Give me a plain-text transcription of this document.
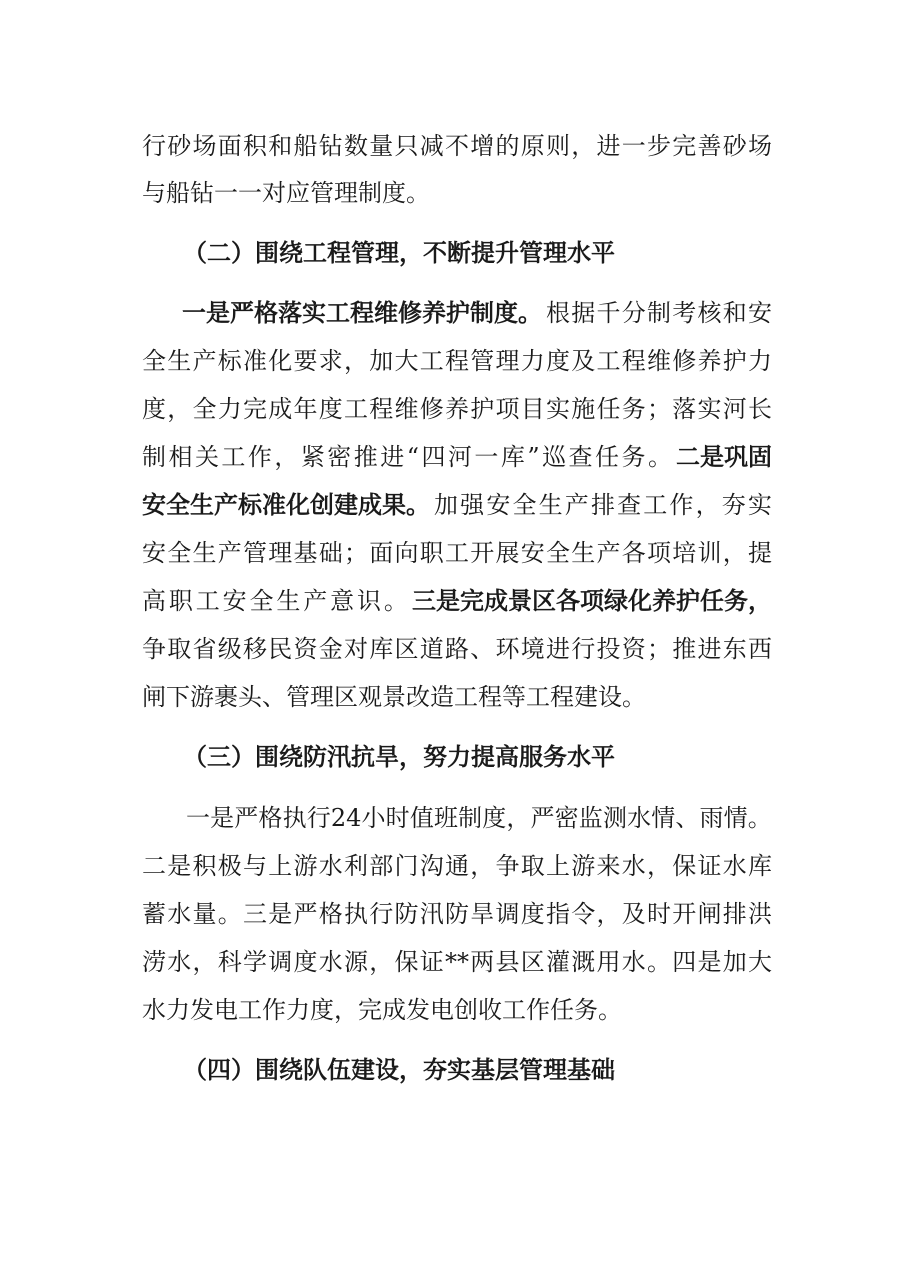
行 砂 场 面 积 和 船 钻 数 量 只 减 不 增 的 原 则 ， 进 一 步 完 善 砂 场
与船钻一一对应管理制度。
（二）围绕工程管理，不断提升管理水平
一是严格落实工程维修养护制度。 根 据 千 分 制 考 核 和 安
全 生 产 标 准 化 要 求 ， 加 大 工 程 管 理 力 度 及 工 程 维 修 养 护 力
度 ， 全 力 完 成 年 度 工 程 维 修 养 护 项 目 实 施 任 务 ； 落 实 河 长
制 相 关 工 作 ， 紧 密 推 进 “ 四 河 一 库 ” 巡 查 任 务 。 二是巩固
安全生产标准化创建成果。 加 强 安 全 生 产 排 查 工 作 ， 夯 实
安 全 生 产 管 理 基 础 ； 面 向 职 工 开 展 安 全 生 产 各 项 培 训 ， 提
高 职 工 安 全 生 产 意 识 。 三是完成景区各项绿化养护任务，
争 取 省 级 移 民 资 金 对 库 区 道 路 、 环 境 进 行 投 资 ； 推 进 东 西
闸下游裹头、管理区观景改造工程等工程建设。
（三）围绕防汛抗旱，努力提高服务水平
一 是 严 格 执 行 24 小 时 值 班 制 度 ， 严 密 监 测 水 情 、 雨 情 。
二 是 积 极 与 上 游 水 利 部 门 沟 通 ， 争 取 上 游 来 水 ， 保 证 水 库
蓄 水 量 。 三 是 严 格 执 行 防 汛 防 旱 调 度 指 令 ， 及 时 开 闸 排 洪
涝 水 ， 科 学 调 度 水 源 ， 保 证 ** 两 县 区 灌 溉 用 水 。 四 是 加 大
水力发电工作力度，完成发电创收工作任务。
（四）围绕队伍建设，夯实基层管理基础
